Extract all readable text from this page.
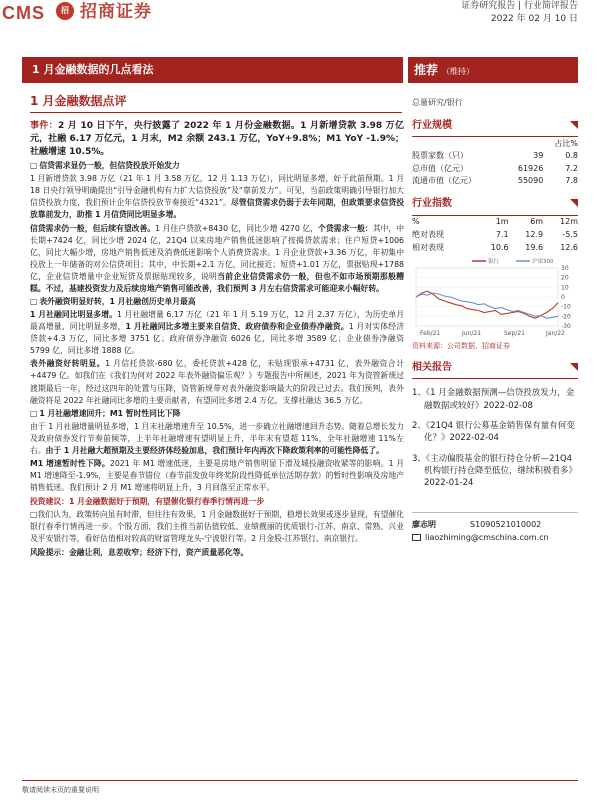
CMS	招 招商证券	证券研究报告 | 行业简评报告
2022 年 02 月 10 日
1 月金融数据的几点看法	推荐 （维持）
1 月金融数据点评

事件：2 月 10 日下午，央行披露了 2022 年 1 月份金融数据。1 月新增贷款 3.98 万亿元，社融 6.17 万亿元，1 月末，M2 余额 243.1 万亿，YoY+9.8%；M1 YoY -1.9%；社融增速 10.5%。

□ 信贷需求显仍一般，但信贷投放开始发力

1 月新增贷款 3.98 万亿（21 年 1 月 3.58 万亿，12 月 1.13 万亿），同比明显多增，好于此前预期。1 月 18 日央行领导明确提出“引导金融机构有力扩大信贷投放”及“靠前发力”。可见，当前政策明确引导银行加大信贷投放力度，我们预计企年信贷投放节奏接近“4321”。尽管信贷需求仍弱于去年同期，但政策要求信贷投放靠前发力，助推 1 月信贷同比明显多增。

信贷需求仍一般，但后续有望改善。1 月住户贷款+8430 亿，同比少增 4270 亿，个贷需求一般：其中，中长期+7424 亿，同比少增 2024 亿，21Q4 以来房地产销售低迷影响了按揭贷款需求；住户短贷+1006 亿，同比大幅少增，房地产销售低迷及消费低迷影响个人消费贷需求。1 月企业贷款+3.36 万亿，年初集中投放上一年储备的对公信贷项目；其中，中长期+2.1 万亿，同比接近；短贷+1.01 万亿，票据贴现+1788 亿，企业信贷增量中企业短贷及票据贴现较多，说明当前企业信贷需求仍一般，但也不如市场预期那般糟糕。不过，基建投资发力及后续房地产销售可能改善，我们预判 3 月左右信贷需求可能迎来小幅好转。

□ 表外融资明显好转，1 月社融创历史单月最高

1 月社融同比明显多增。1 月社融增量 6.17 万亿（21 年 1 月 5.19 万亿，12 月 2.37 万亿），为历史单月最高增量，同比明显多增，1 月社融同比多增主要来自信贷、政府债券和企业债券净融资。1 月对实体经济贷款+4.3 万亿，同比多增 3751 亿；政府债券净融资 6026 亿，同比多增 3589 亿；企业债券净融资 5799 亿，同比多增 1888 亿。

表外融资好转明显。1 月信托贷款-680 亿，委托贷款+428 亿，未贴现银承+4731 亿，表外融资合计+4479 亿。如我们在《我们为何对 2022 年表外融资偏乐观？》专题报告中所阐述，2021 年为资管新规过渡期最后一年，经过这四年的处置与压降，资管新规带对表外融资影响最大的阶段已过去。我们预判，表外融资将是 2022 年社融同比多增的主要贡献者，有望同比多增 2.4 万亿，支撑社融达 36.5 万亿。

□ 1 月社融增速回升；M1 暂时性同比下降

由于 1 月社融增量明显多增，1 月末社融增速升至 10.5%，进一步确立社融增速回升态势。随着总增长发力及政府债券发行节奏前倾等，上半年社融增速有望明显上升，半年末有望超 11%，全年社融增速 11%左右。由于 1 月社融大超预期及主要经济体经验加息，我们预计年内再次下降政策利率的可能性降低了。

M1 增速暂时性下降。2021 年 M1 增速低迷，主要是房地产销售明显下滑及城投融资收紧等的影响。1 月 M1 增速降至-1.9%，主要是春节错位（春节前发放年终奖阶段性降低单位活期存款）的暂时性影响及房地产销售低迷。我们预计 2 月 M1 增速将明显上升，3 月回落至正常水平。

投资建议：1 月金融数据好于预期，有望催化银行春季行情再进一步

□我们认为，政策转向虽有时滞，但往往有效果，1 月金融数据好于预期，稳增长效果或逐步显现，有望催化银行春季行情再进一步。个股方面，我们主推当前估值较低、业绩靓丽的优质银行-江苏、南京、常熟、兴业及平安银行等，看好估值相对较高的财富管理龙头-宁波银行等。2 月金股-江苏银行、南京银行。

风险提示：金融让利，息差收窄；经济下行，资产质量恶化等。

总量研究/银行
行业规模
		占比%
股票家数（只）	39	0.8
总市值（亿元）	61926	7.2
流通市值（亿元）	55090	7.8
行业指数
%	1m	6m	12m
绝对表现	7.1	12.9	-5.5
相对表现	10.6	19.6	12.6
30
20
10
0
-10
-20
-30
Feb/21	Jun/21	Sep/21	Jan/22
银行	沪深300
资料来源：公司数据、招商证券
相关报告
1、《1 月金融数据预测—信贷投放发力，金融数据或较好》2022-02-08
2、《21Q4 银行公募基金销售保有量有何变化？》2022-02-04
3、《主动偏股基金的银行持仓分析—21Q4 机构银行持仓降至低位，继续积极看多》2022-01-24
廖志明	S1090521010002
liaozhiming@cmschina.com.cn
敬请阅读末页的重要说明
